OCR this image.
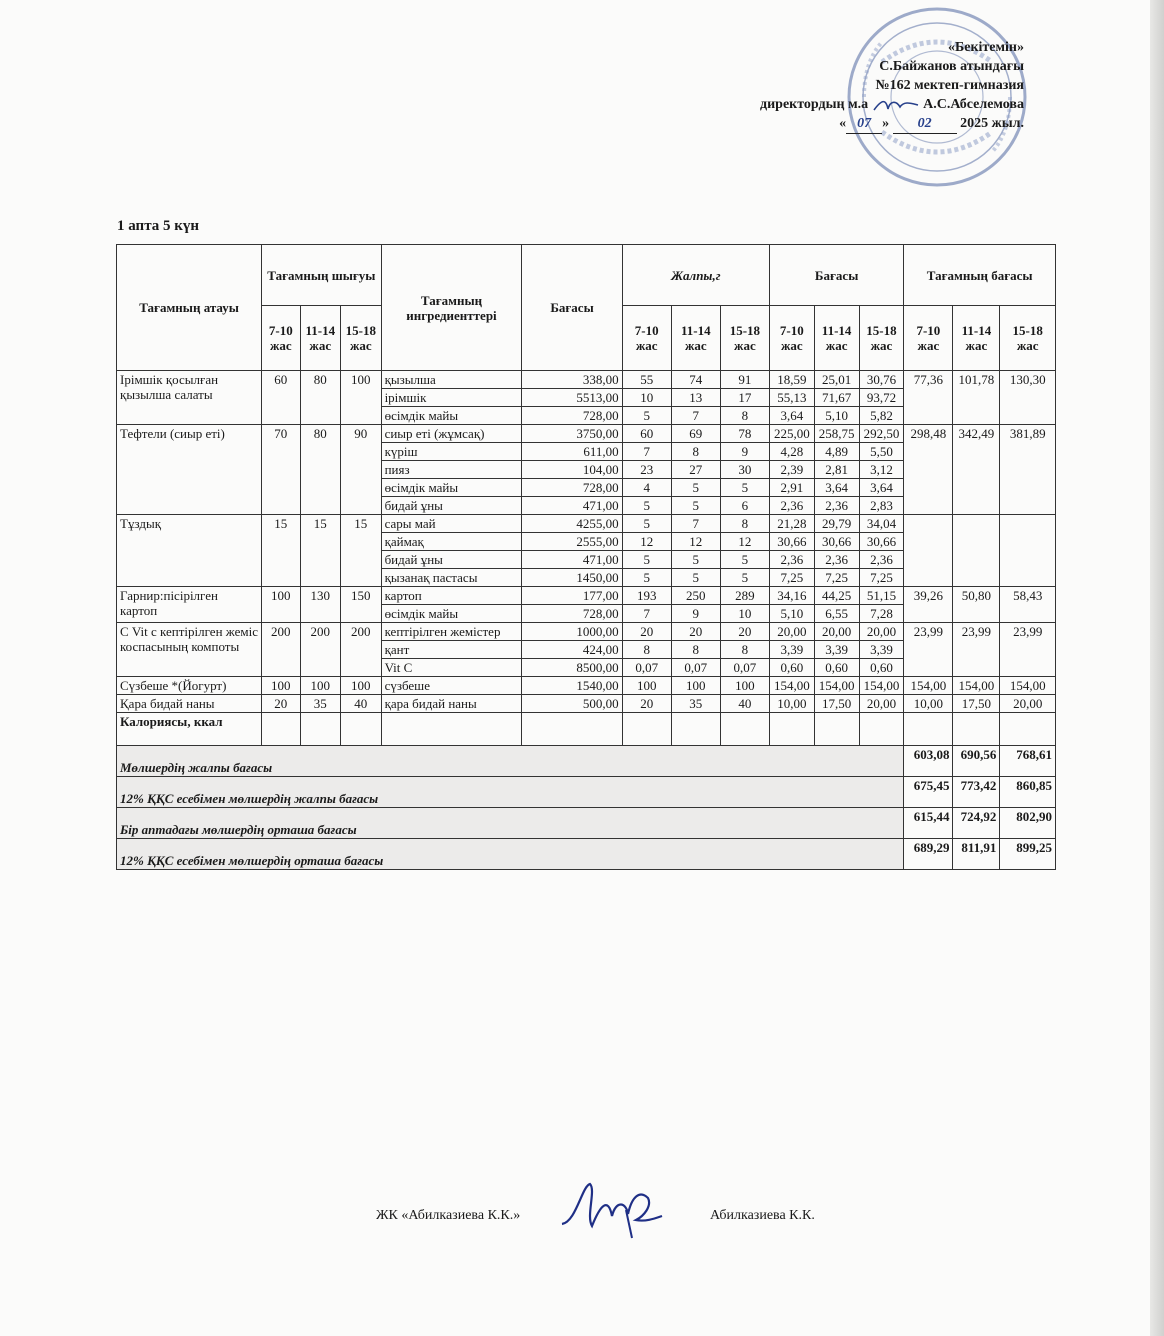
«Бекітемін»
С.Байжанов атындағы
№162 мектеп-гимназия
директордың м.а	А.С.Абселемова
« 07 » 02 2025 жыл.
1 апта 5 күн
Тағамның атауы	Тағамның шығуы			Тағамның ингредиенттері	Бағасы	Жалпы,г			Бағасы			Тағамның бағасы		
	7-10 жас	11-14 жас	15-18 жас			7-10 жас	11-14 жас	15-18 жас	7-10 жас	11-14 жас	15-18 жас	7-10 жас	11-14 жас	15-18 жас
Ірімшік қосылған қызылша салаты	60	80	100	қызылша	338,00	55	74	91	18,59	25,01	30,76	77,36	101,78	130,30
				ірімшік	5513,00	10	13	17	55,13	71,67	93,72			
				өсімдік майы	728,00	5	7	8	3,64	5,10	5,82			
Тефтели (сиыр еті)	70	80	90	сиыр еті (жұмсақ)	3750,00	60	69	78	225,00	258,75	292,50	298,48	342,49	381,89
				күріш	611,00	7	8	9	4,28	4,89	5,50			
				пияз	104,00	23	27	30	2,39	2,81	3,12			
				өсімдік майы	728,00	4	5	5	2,91	3,64	3,64			
				бидай ұны	471,00	5	5	6	2,36	2,36	2,83			
Тұздық	15	15	15	сары май	4255,00	5	7	8	21,28	29,79	34,04			
				қаймақ	2555,00	12	12	12	30,66	30,66	30,66			
				бидай ұны	471,00	5	5	5	2,36	2,36	2,36			
				қызанақ пастасы	1450,00	5	5	5	7,25	7,25	7,25			
Гарнир:пісірілген картоп	100	130	150	картоп	177,00	193	250	289	34,16	44,25	51,15	39,26	50,80	58,43
				өсімдік майы	728,00	7	9	10	5,10	6,55	7,28			
С Vit с кептірілген жеміс коспасының компоты	200	200	200	кептірілген жемістер	1000,00	20	20	20	20,00	20,00	20,00	23,99	23,99	23,99
				қант	424,00	8	8	8	3,39	3,39	3,39			
				Vit C	8500,00	0,07	0,07	0,07	0,60	0,60	0,60			
Сүзбеше *(Йогурт)	100	100	100	сүзбеше	1540,00	100	100	100	154,00	154,00	154,00	154,00	154,00	154,00
Қара бидай наны	20	35	40	қара бидай наны	500,00	20	35	40	10,00	17,50	20,00	10,00	17,50	20,00
Калориясы, ккал														
Мөлшердің жалпы бағасы												603,08	690,56	768,61
12% ҚҚС есебімен мөлшердің жалпы бағасы												675,45	773,42	860,85
Бір аптадағы мөлшердің орташа бағасы												615,44	724,92	802,90
12% ҚҚС есебімен мөлшердің орташа бағасы												689,29	811,91	899,25
ЖК «Абилказиева К.К.»	Абилказиева К.К.
